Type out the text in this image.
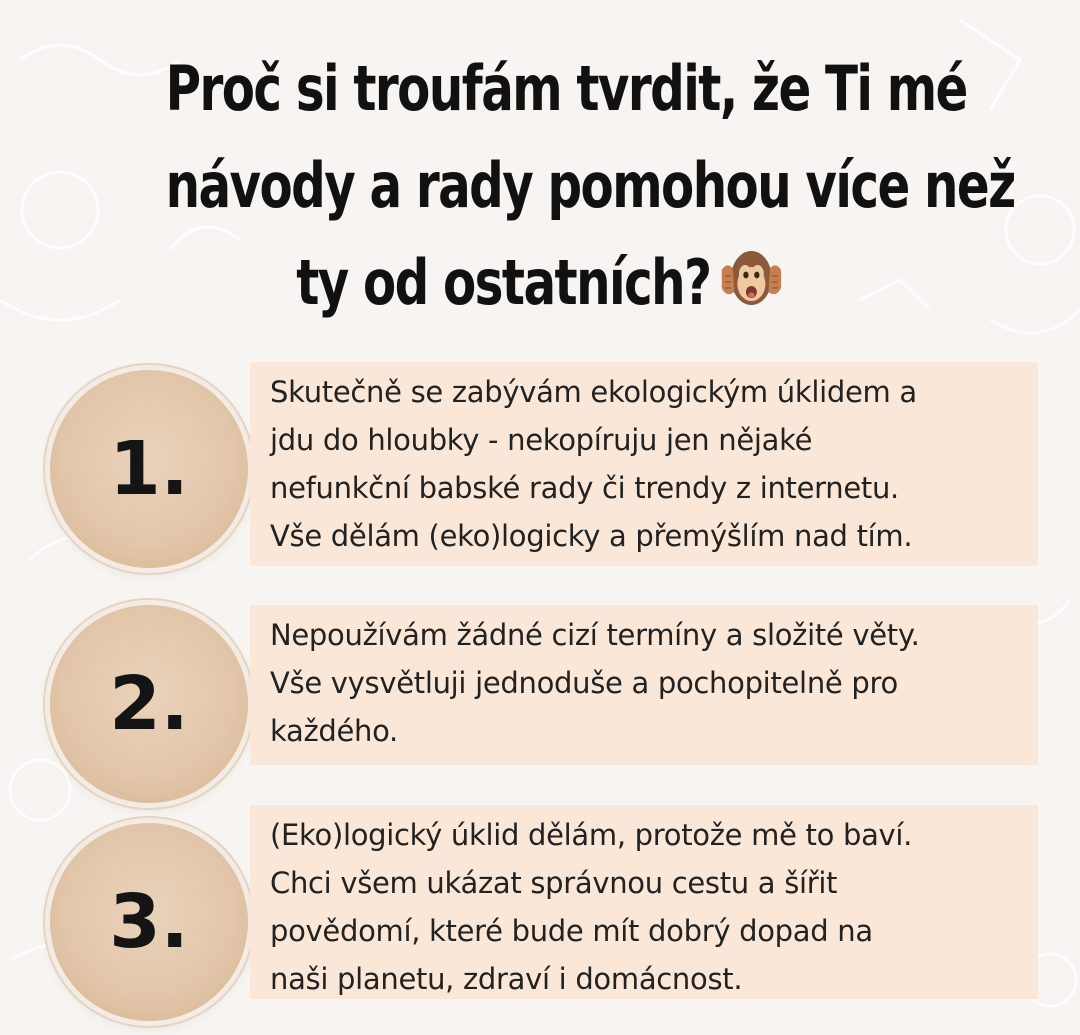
Proč si troufám tvrdit, že Ti mé
návody a rady pomohou více než
ty od ostatních?
1.

Skutečně se zabývám ekologickým úklidem a
jdu do hloubky - nekopíruju jen nějaké
nefunkční babské rady či trendy z internetu.
Vše dělám (eko)logicky a přemýšlím nad tím.

2.

Nepoužívám žádné cizí termíny a složité věty.
Vše vysvětluji jednoduše a pochopitelně pro
každého.

3.

(Eko)logický úklid dělám, protože mě to baví.
Chci všem ukázat správnou cestu a šířit
povědomí, které bude mít dobrý dopad na
naši planetu, zdraví i domácnost.
